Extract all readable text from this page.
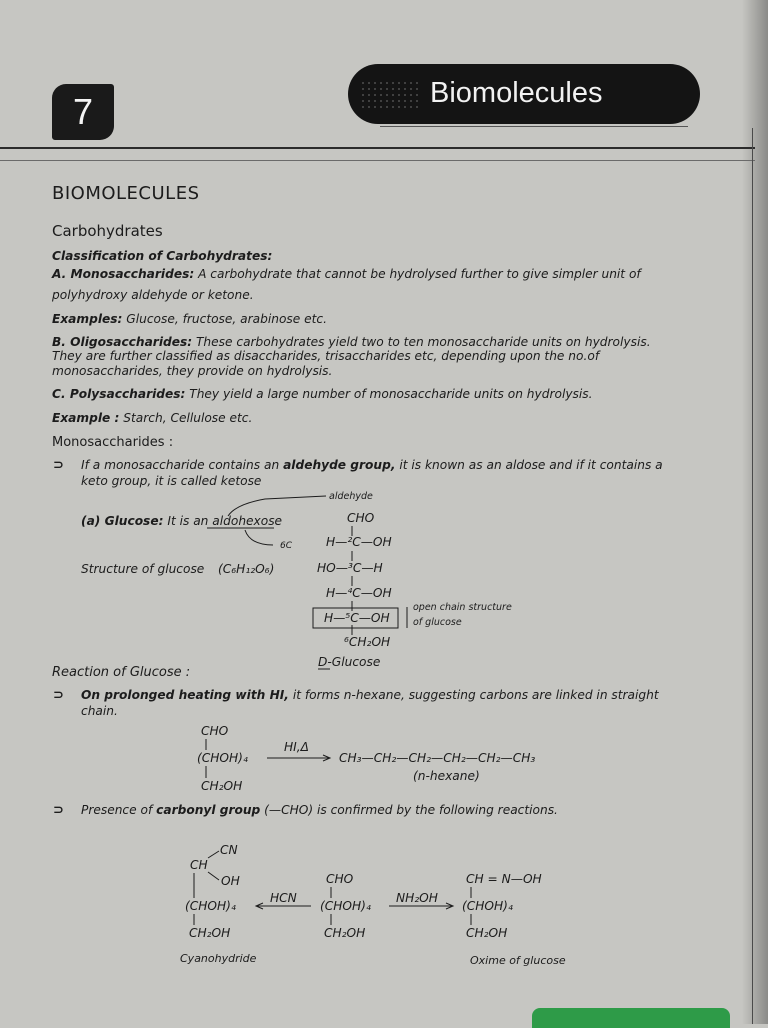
7	Biomolecules
BIOMOLECULES
Carbohydrates
Classification of Carbohydrates:
A. Monosaccharides: A carbohydrate that cannot be hydrolysed further to give simpler unit of
polyhydroxy aldehyde or ketone.
Examples: Glucose, fructose, arabinose etc.
B. Oligosaccharides: These carbohydrates yield two to ten monosaccharide units on hydrolysis.
They are further classified as disaccharides, trisaccharides etc, depending upon the no.of
monosaccharides, they provide on hydrolysis.
C. Polysaccharides: They yield a large number of monosaccharide units on hydrolysis.
Example : Starch, Cellulose etc.
Monosaccharides :
⊃ If a monosaccharide contains an aldehyde group, it is known as an aldose and if it contains a
keto group, it is called ketose
(a) Glucose: It is an aldohexose
6C
Structure of glucose (C₆H₁₂O₆)
aldehyde
CHO
H—²C—OH
HO—³C—H
H—⁴C—OH
H—⁵C—OH
⁶CH₂OH
D-Glucose
open chain structure
of glucose
Reaction of Glucose :
⊃ On prolonged heating with HI, it forms n-hexane, suggesting carbons are linked in straight
chain.
CHO
(CHOH)₄
CH₂OH
HI,Δ
CH₃—CH₂—CH₂—CH₂—CH₂—CH₃
(n-hexane)
⊃ Presence of carbonyl group (—CHO) is confirmed by the following reactions.
CN
CH
OH
(CHOH)₄
CH₂OH
Cyanohydride
HCN
CHO
(CHOH)₄
CH₂OH
NH₂OH
CH = N—OH
(CHOH)₄
CH₂OH
Oxime of glucose
